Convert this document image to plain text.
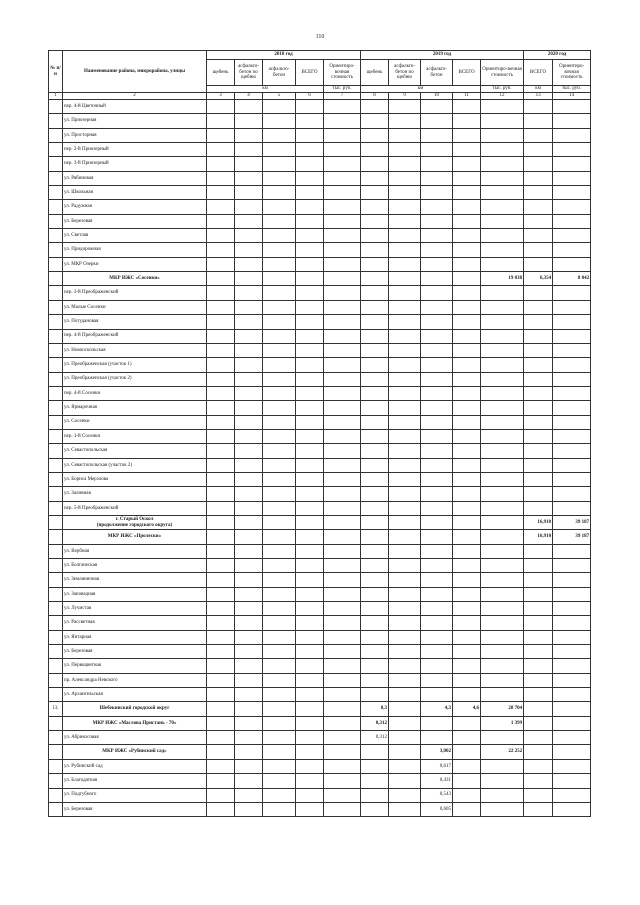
110
№ п/п	Наименование района, микрорайона, улицы	2018 год					2019 год					2020 год	
		щебень	асфальто-бетон по щебню	асфальто-бетон	ВСЕГО	Ориентиро-вочная стоимость	щебень	асфальто-бетон по щебню	асфальто-бетон	ВСЕГО	Ориентиро-вочная стоимость	ВСЕГО	Ориентиро-вочная стоимость
		км				тыс. руб.	км				тыс. руб.	км	тыс. руб.
1	2	3	4	5	6	7	8	9	10	11	12	13	14
	пер. 4-й Цветочный												
	ул. Приозерная												
	ул. Просторная												
	пер. 2-й Приозерный												
	пер. 3-й Приозерный												
	ул. Рябиновая												
	ул. Школьная												
	ул. Радужная												
	ул. Березовая												
	ул. Светлая												
	ул. Придорожная												
	ул. МКР Озерки												
	МКР ИЖС «Сосенки»										19 038	6,354	8 842
	пер. 3-й Преображенский												
	ул. Малые Сосенки												
	ул. Потудановая												
	пер. 4-й Преображенский												
	ул. Новооскольская												
	ул. Преображенская (участок 1)												
	ул. Преображенская (участок 2)												
	пер. 4-й Сосенки												
	ул. Ярмарочная												
	ул. Сосенки												
	пер. 1-й Сосенки												
	ул. Севастопольская												
	ул. Севастопольская (участок 2)												
	ул. Бориса Мерзлова												
	ул. Заливная												
	пер. 5-й Преображенский												
	г. Старый Оскол
(продолжение городского округа)											16,910	39 187
	МКР ИЖС «Пролески»											16,910	39 187
	ул. Вербная												
	ул. Болгаческая												
	ул. Земляничная												
	ул. Заповедная												
	ул. Лучистая												
	ул. Рассветная												
	ул. Янтарная												
	ул. Березовая												
	ул. Первоцветная												
	пр. Александра Невского												
	ул. Архангельская												
13.	Шебекинский городской округ						0,3		4,3	4,6	28 704		
	МКР ИЖС «Маслова Пристань - 70»						0,312				1 399		
	ул. Абрикосовая						0,312						
	МКР ИЖС «Рубинский сад»								3,002		22 252		
	ул. Рубинский сад								0,617				
	ул. Благодатная								0,431				
	ул. Подгубного								0,543				
	ул. Березовая								0,605				
